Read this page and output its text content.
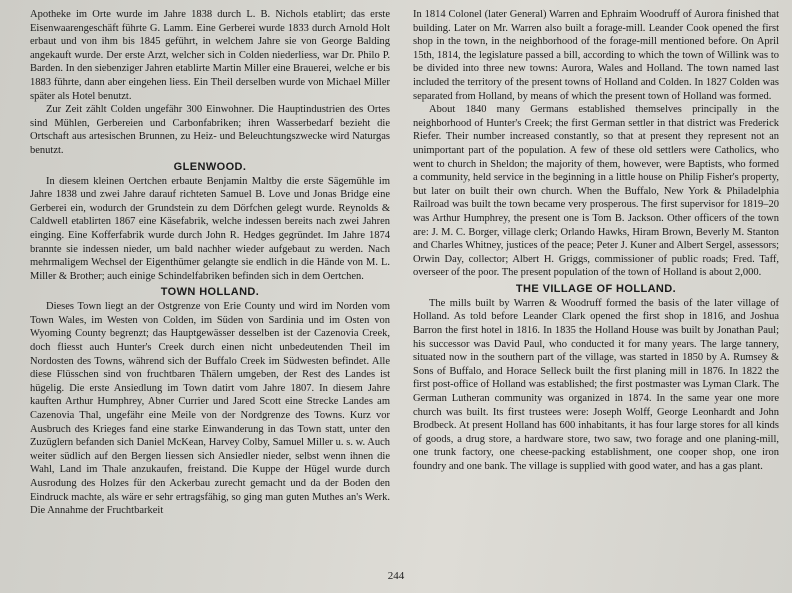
Apotheke im Orte wurde im Jahre 1838 durch L. B. Nichols etablirt; das erste Eisenwaarengeschäft führte G. Lamm. Eine Gerberei wurde 1833 durch Arnold Holt erbaut und von ihm bis 1845 geführt, in welchem Jahre sie von George Balding angekauft wurde. Der erste Arzt, welcher sich in Colden niederliess, war Dr. Philo P. Barden. In den siebenziger Jahren etablirte Martin Miller eine Brauerei, welche er bis 1883 führte, dann aber eingehen liess. Ein Theil derselben wurde von Michael Miller später als Hotel benutzt.

Zur Zeit zählt Colden ungefähr 300 Einwohner. Die Hauptindustrien des Ortes sind Mühlen, Gerbereien und Carbonfabriken; ihren Wasserbedarf bezieht die Ortschaft aus artesischen Brunnen, zu Heiz- und Beleuchtungszwecke wird Naturgas benutzt.

GLENWOOD.

In diesem kleinen Oertchen erbaute Benjamin Maltby die erste Sägemühle im Jahre 1838 und zwei Jahre darauf richteten Samuel B. Love und Jonas Bridge eine Gerberei ein, wodurch der Grundstein zu dem Dörfchen gelegt wurde. Reynolds & Caldwell etablirten 1867 eine Käsefabrik, welche indessen bereits nach zwei Jahren einging. Eine Kofferfabrik wurde durch John R. Hedges gegründet. Im Jahre 1874 brannte sie indessen nieder, um bald nachher wieder aufgebaut zu werden. Nach mehrmaligem Wechsel der Eigenthümer gelangte sie endlich in die Hände von M. L. Miller & Brother; auch einige Schindelfabriken befinden sich in dem Oertchen.

TOWN HOLLAND.

Dieses Town liegt an der Ostgrenze von Erie County und wird im Norden vom Town Wales, im Westen von Colden, im Süden von Sardinia und im Osten von Wyoming County begrenzt; das Hauptgewässer desselben ist der Cazenovia Creek, doch fliesst auch Hunter's Creek durch einen nicht unbedeutenden Theil im Nordosten des Towns, während sich der Buffalo Creek im Südwesten befindet. Alle diese Flüsschen sind von fruchtbaren Thälern umgeben, der Rest des Landes ist hügelig. Die erste Ansiedlung im Town datirt vom Jahre 1807. In diesem Jahre kauften Arthur Humphrey, Abner Currier und Jared Scott eine Strecke Landes am Cazenovia Thal, ungefähr eine Meile von der Nordgrenze des Towns. Kurz vor Ausbruch des Krieges fand eine starke Einwanderung in das Town statt, unter den Zuzüglern befanden sich Daniel McKean, Harvey Colby, Samuel Miller u. s. w. Auch weiter südlich auf den Bergen liessen sich Ansiedler nieder, selbst wenn ihnen die Wahl, Land im Thale anzukaufen, freistand. Die Kuppe der Hügel wurde durch Ausrodung des Holzes für den Ackerbau zurecht gemacht und da der Boden den Eindruck machte, als wäre er sehr ertragsfähig, so ging man guten Muthes an's Werk. Die Annahme der Fruchtbarkeit

In 1814 Colonel (later General) Warren and Ephraim Woodruff of Aurora finished that building. Later on Mr. Warren also built a forage-mill. Leander Cook opened the first shop in the town, in the neighborhood of the forage-mill mentioned before. On April 15th, 1814, the legislature passed a bill, according to which the town of Willink was to be divided into three new towns: Aurora, Wales and Holland. The town named last included the territory of the present towns of Holland and Colden. In 1827 Colden was separated from Holland, by means of which the present town of Holland was formed.

About 1840 many Germans established themselves principally in the neighborhood of Hunter's Creek; the first German settler in that district was Frederick Riefer. Their number increased constantly, so that at present they represent not an unimportant part of the population. A few of these old settlers were Catholics, who went to church in Sheldon; the majority of them, however, were Baptists, who formed a community, held service in the beginning in a little house on Philip Fisher's property, but later on built their own church. When the Buffalo, New York & Philadelphia Railroad was built the town became very prosperous. The first supervisor for 1819–20 was Arthur Humphrey, the present one is Tom B. Jackson. Other officers of the town are: J. M. C. Borger, village clerk; Orlando Hawks, Hiram Brown, Beverly M. Stanton and Charles Whitney, justices of the peace; Peter J. Kuner and Albert Sergel, assessors; Orwin Day, collector; Albert H. Griggs, commissioner of public roads; Fred. Taff, overseer of the poor. The present population of the town of Holland is about 2,000.

THE VILLAGE OF HOLLAND.

The mills built by Warren & Woodruff formed the basis of the later village of Holland. As told before Leander Clark opened the first shop in 1816, and Joshua Barron the first hotel in 1816. In 1835 the Holland House was built by Jonathan Paul; his successor was David Paul, who conducted it for many years. The large tannery, situated now in the southern part of the village, was started in 1850 by A. Rumsey & Sons of Buffalo, and Horace Selleck built the first planing mill in 1876. In 1822 the first post-office of Holland was established; the first postmaster was Lyman Clark. The German Lutheran community was organized in 1874. In the same year one more church was built. Its first trustees were: Joseph Wolff, George Leonhardt and John Brodbeck. At present Holland has 600 inhabitants, it has four large stores for all kinds of goods, a drug store, a hardware store, two saw, two forage and one planing-mill, one trunk factory, one cheese-packing establishment, one cooper shop, one iron foundry and one bank. The village is supplied with good water, and has a gas plant.

244
